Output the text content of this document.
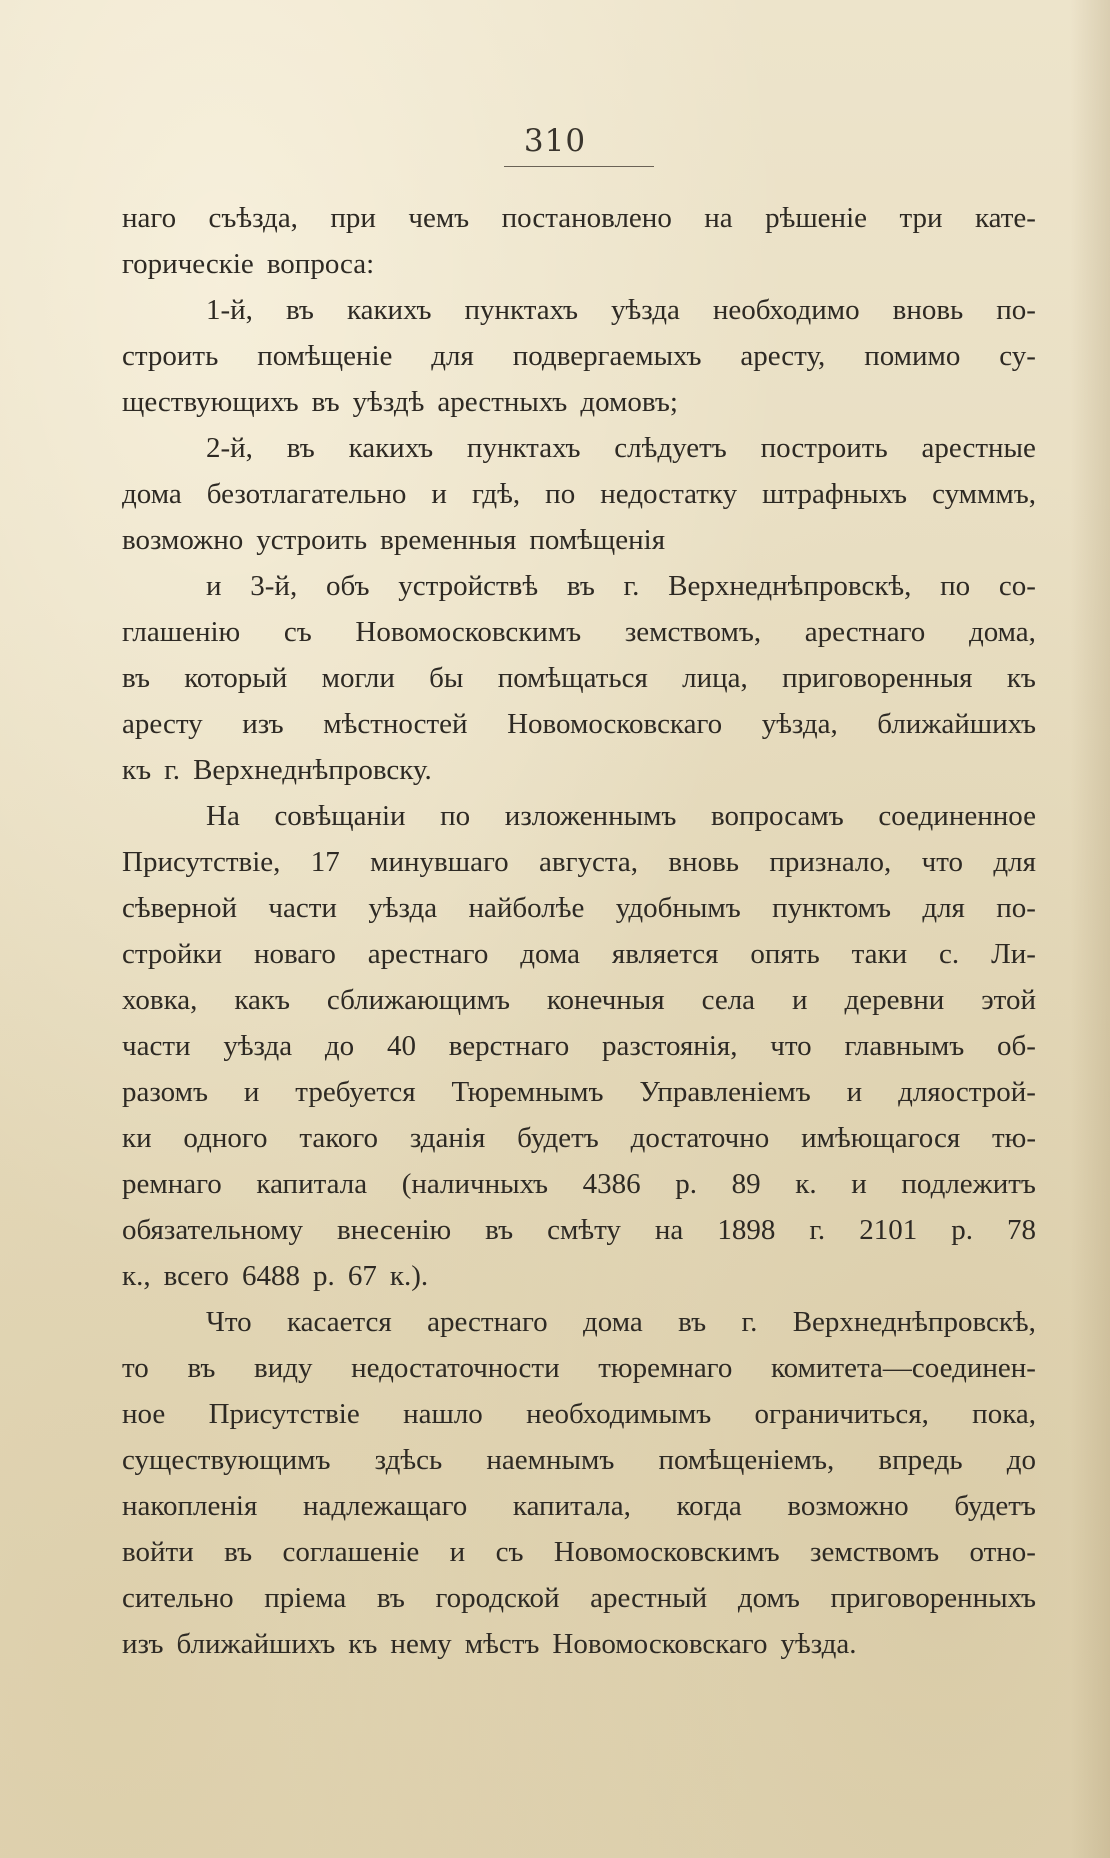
310
наго съѣзда, при чемъ постановлено на рѣшеніе три кате-
горическіе вопроса:
1-й, въ какихъ пунктахъ уѣзда необходимо вновь по-
строить помѣщеніе для подвергаемыхъ аресту, помимо су-
ществующихъ въ уѣздѣ арестныхъ домовъ;
2-й, въ какихъ пунктахъ слѣдуетъ построить арестные
дома безотлагательно и гдѣ, по недостатку штрафныхъ сумммъ,
возможно устроить временныя помѣщенія
и 3-й, объ устройствѣ въ г. Верхнеднѣпровскѣ, по со-
глашенію съ Новомосковскимъ земствомъ, арестнаго дома,
въ который могли бы помѣщаться лица, приговоренныя къ
аресту изъ мѣстностей Новомосковскаго уѣзда, ближайшихъ
къ г. Верхнеднѣпровску.
На совѣщаніи по изложеннымъ вопросамъ соединенное
Присутствіе, 17 минувшаго августа, вновь признало, что для
сѣверной части уѣзда найболѣе удобнымъ пунктомъ для по-
стройки новаго арестнаго дома является опять таки с. Ли-
ховка, какъ сближающимъ конечныя села и деревни этой
части уѣзда до 40 верстнаго разстоянія, что главнымъ об-
разомъ и требуется Тюремнымъ Управленіемъ и дляострой-
ки одного такого зданія будетъ достаточно имѣющагося тю-
ремнаго капитала (наличныхъ 4386 р. 89 к. и подлежитъ
обязательному внесенію въ смѣту на 1898 г. 2101 р. 78
к., всего 6488 р. 67 к.).
Что касается арестнаго дома въ г. Верхнеднѣпровскѣ,
то въ виду недостаточности тюремнаго комитета—соединен-
ное Присутствіе нашло необходимымъ ограничиться, пока,
существующимъ здѣсь наемнымъ помѣщеніемъ, впредь до
накопленія надлежащаго капитала, когда возможно будетъ
войти въ соглашеніе и съ Новомосковскимъ земствомъ отно-
сительно пріема въ городской арестный домъ приговоренныхъ
изъ ближайшихъ къ нему мѣстъ Новомосковскаго уѣзда.
